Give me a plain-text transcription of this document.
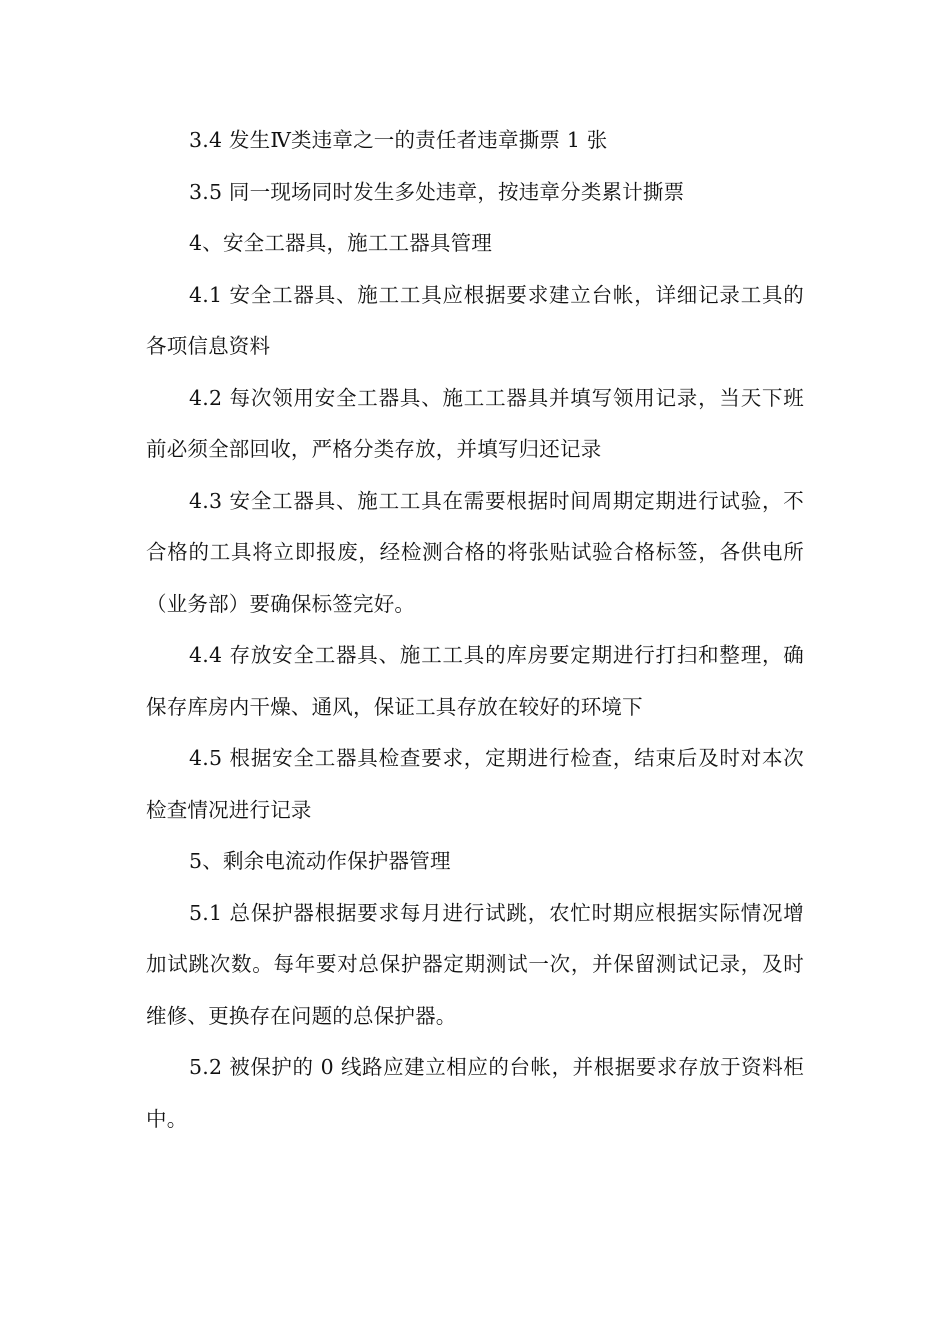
3.4 发生Ⅳ类违章之一的责任者违章撕票 1 张

3.5 同一现场同时发生多处违章，按违章分类累计撕票

4、安全工器具，施工工器具管理

4.1 安全工器具、施工工具应根据要求建立台帐，详细记录工具的各项信息资料

4.2 每次领用安全工器具、施工工器具并填写领用记录，当天下班前必须全部回收，严格分类存放，并填写归还记录

4.3 安全工器具、施工工具在需要根据时间周期定期进行试验，不合格的工具将立即报废，经检测合格的将张贴试验合格标签，各供电所（业务部）要确保标签完好。

4.4 存放安全工器具、施工工具的库房要定期进行打扫和整理，确保存库房内干燥、通风，保证工具存放在较好的环境下

4.5 根据安全工器具检查要求，定期进行检查，结束后及时对本次检查情况进行记录

5、剩余电流动作保护器管理

5.1 总保护器根据要求每月进行试跳，农忙时期应根据实际情况增加试跳次数。每年要对总保护器定期测试一次，并保留测试记录，及时维修、更换存在问题的总保护器。

5.2 被保护的 0 线路应建立相应的台帐，并根据要求存放于资料柜中。
